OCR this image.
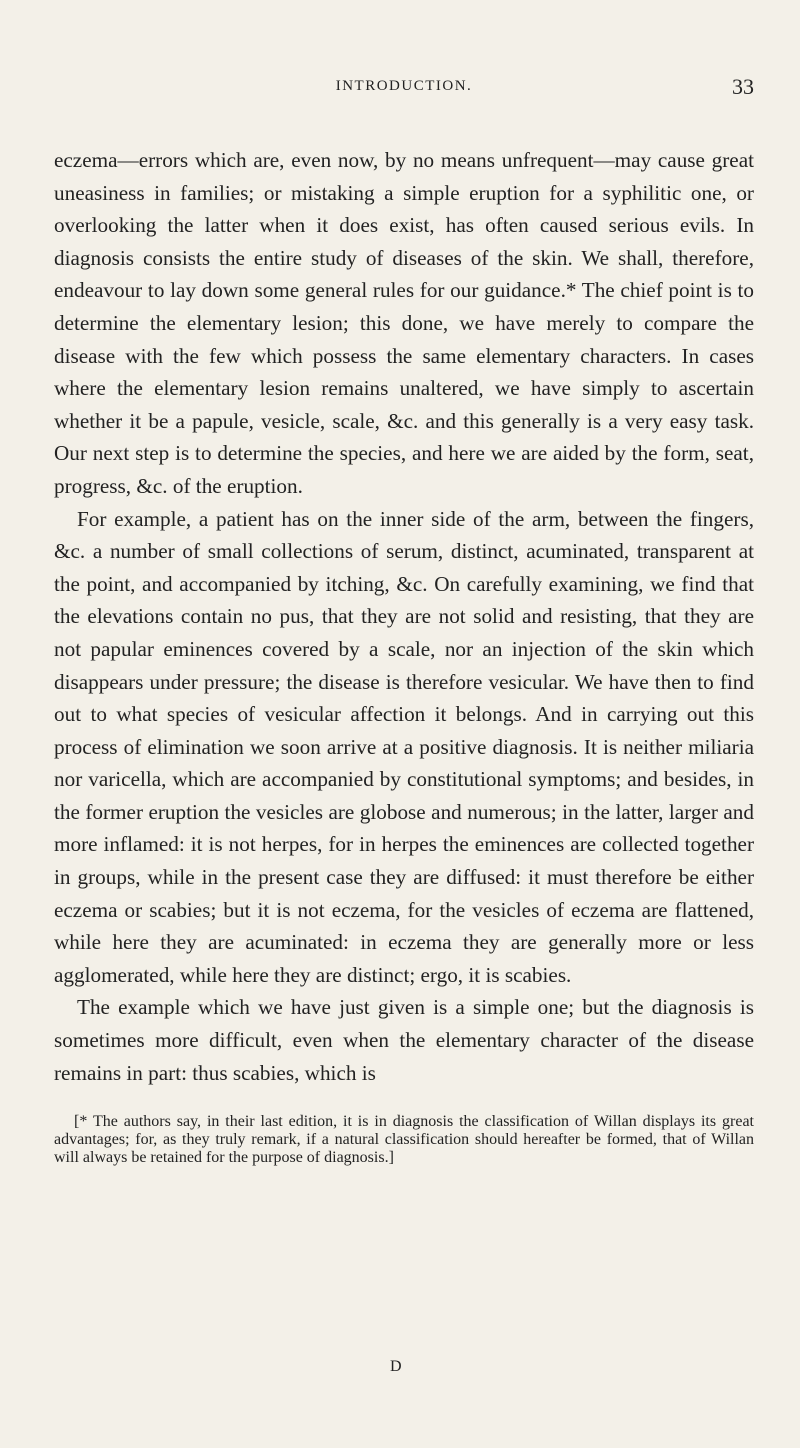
INTRODUCTION.	33

eczema—errors which are, even now, by no means unfrequent—may cause great uneasiness in families; or mistaking a simple eruption for a syphilitic one, or overlooking the latter when it does exist, has often caused serious evils. In diagnosis consists the entire study of diseases of the skin. We shall, therefore, endeavour to lay down some general rules for our guidance.* The chief point is to determine the elementary lesion; this done, we have merely to compare the disease with the few which possess the same elementary characters. In cases where the elementary lesion remains unaltered, we have simply to ascertain whether it be a papule, vesicle, scale, &c. and this generally is a very easy task. Our next step is to determine the species, and here we are aided by the form, seat, progress, &c. of the eruption.

For example, a patient has on the inner side of the arm, between the fingers, &c. a number of small collections of serum, distinct, acuminated, transparent at the point, and accompanied by itching, &c. On carefully examining, we find that the elevations contain no pus, that they are not solid and resisting, that they are not papular eminences covered by a scale, nor an injection of the skin which disappears under pressure; the disease is therefore vesicular. We have then to find out to what species of vesicular affection it belongs. And in carrying out this process of elimination we soon arrive at a positive diagnosis. It is neither miliaria nor varicella, which are accompanied by constitutional symptoms; and besides, in the former eruption the vesicles are globose and numerous; in the latter, larger and more inflamed: it is not herpes, for in herpes the eminences are collected together in groups, while in the present case they are diffused: it must therefore be either eczema or scabies; but it is not eczema, for the vesicles of eczema are flattened, while here they are acuminated: in eczema they are generally more or less agglomerated, while here they are distinct; ergo, it is scabies.

The example which we have just given is a simple one; but the diagnosis is sometimes more difficult, even when the elementary character of the disease remains in part: thus scabies, which is

[* The authors say, in their last edition, it is in diagnosis the classification of Willan displays its great advantages; for, as they truly remark, if a natural classification should hereafter be formed, that of Willan will always be retained for the purpose of diagnosis.]
D
